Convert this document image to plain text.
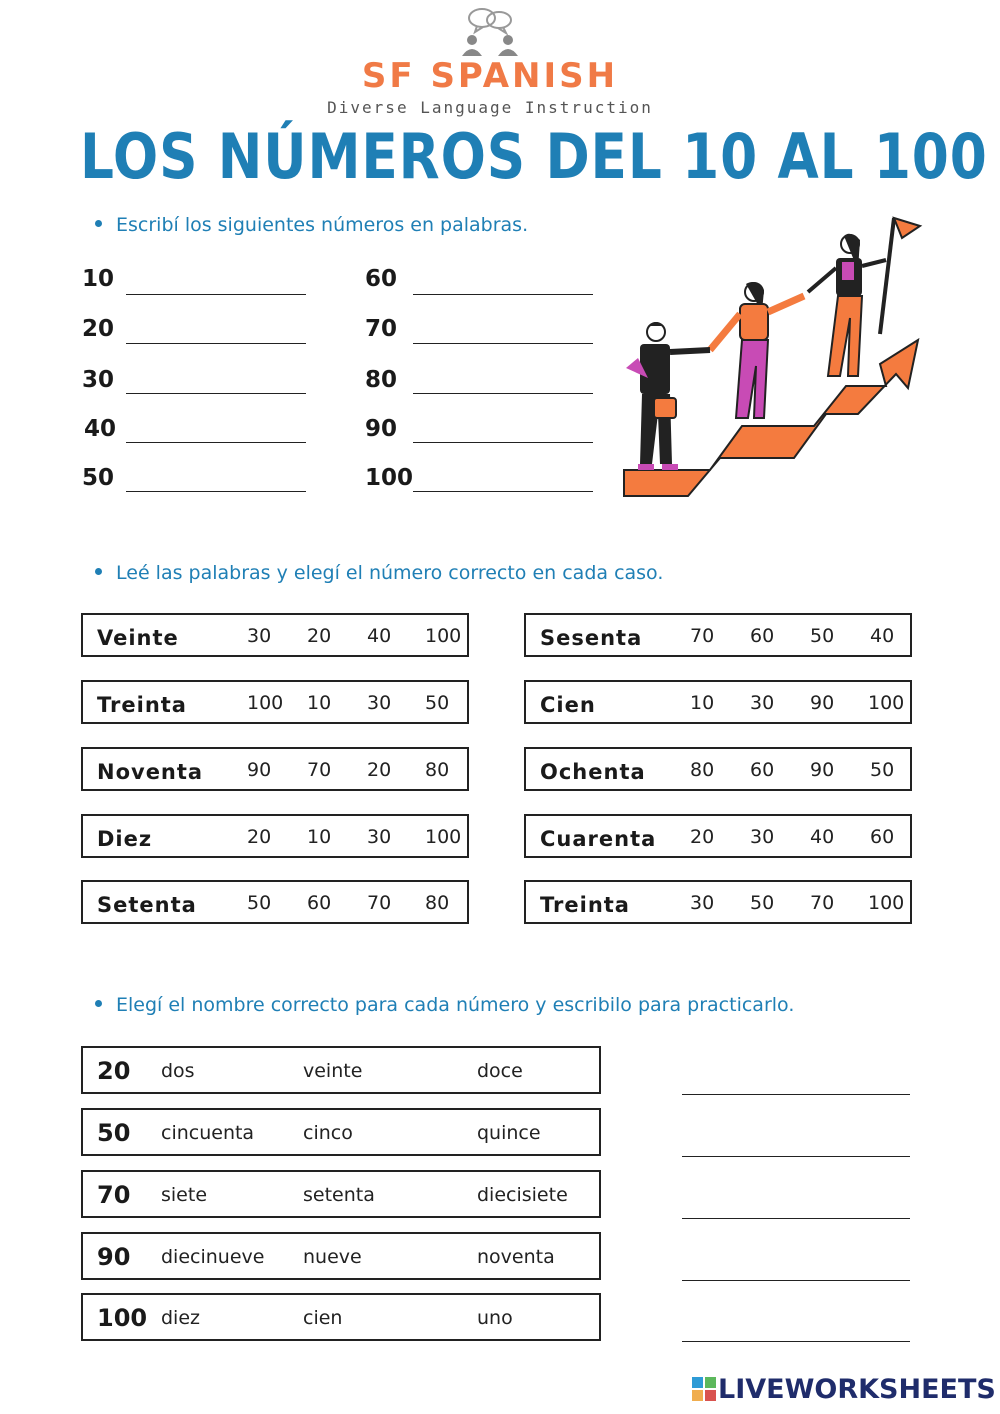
SF SPANISH
Diverse Language Instruction
LOS NÚMEROS DEL 10 AL 100
Escribí los siguientes números en palabras.
10
20
30
40
50
60
70
80
90
100
Leé las palabras y elegí el número correcto en cada caso.
Veinte	30 20 40 100
Treinta	100 10 30 50
Noventa 90 70 20 80
Diez	20 10 30 100
Setenta	50 60 70 80
Sesenta	70 60 50 40
Cien	10 30 90 100
Ochenta 80 60 90 50
Cuarenta 20 30 40 60
Treinta	30 50 70 100
Elegí el nombre correcto para cada número y escribilo para practicarlo.
20 dos	veinte	doce
50 cincuenta	cinco	quince
70 siete	setenta	diecisiete
90 diecinueve nueve	noventa
100 diez	cien	uno
LIVEWORKSHEETS
